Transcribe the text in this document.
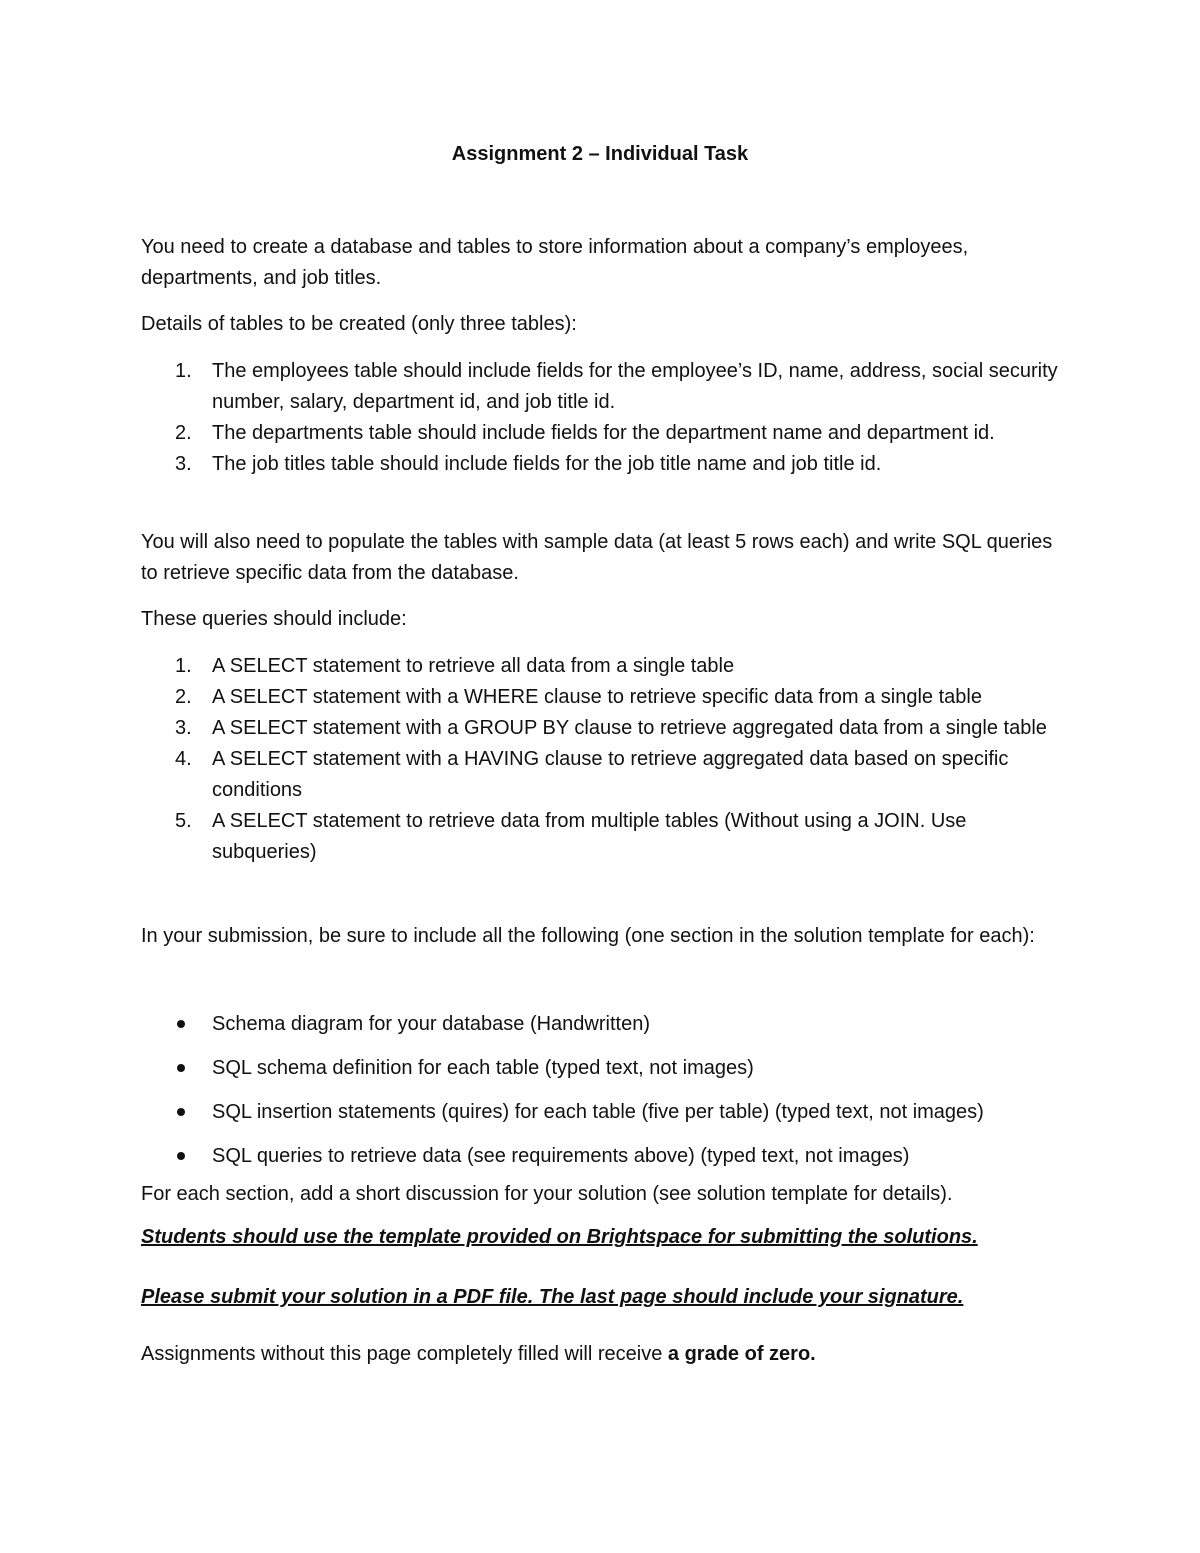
Assignment 2 – Individual Task

You need to create a database and tables to store information about a company’s employees, departments, and job titles.

Details of tables to be created (only three tables):

1. The employees table should include fields for the employee’s ID, name, address, social security number, salary, department id, and job title id.
2. The departments table should include fields for the department name and department id.
3. The job titles table should include fields for the job title name and job title id.

You will also need to populate the tables with sample data (at least 5 rows each) and write SQL queries to retrieve specific data from the database.

These queries should include:

1. A SELECT statement to retrieve all data from a single table
2. A SELECT statement with a WHERE clause to retrieve specific data from a single table
3. A SELECT statement with a GROUP BY clause to retrieve aggregated data from a single table
4. A SELECT statement with a HAVING clause to retrieve aggregated data based on specific conditions
5. A SELECT statement to retrieve data from multiple tables (Without using a JOIN. Use subqueries)

In your submission, be sure to include all the following (one section in the solution template for each):

Schema diagram for your database (Handwritten)
SQL schema definition for each table (typed text, not images)
SQL insertion statements (quires) for each table (five per table) (typed text, not images)
SQL queries to retrieve data (see requirements above) (typed text, not images)

For each section, add a short discussion for your solution (see solution template for details).

Students should use the template provided on Brightspace for submitting the solutions.

Please submit your solution in a PDF file. The last page should include your signature.

Assignments without this page completely filled will receive a grade of zero.
